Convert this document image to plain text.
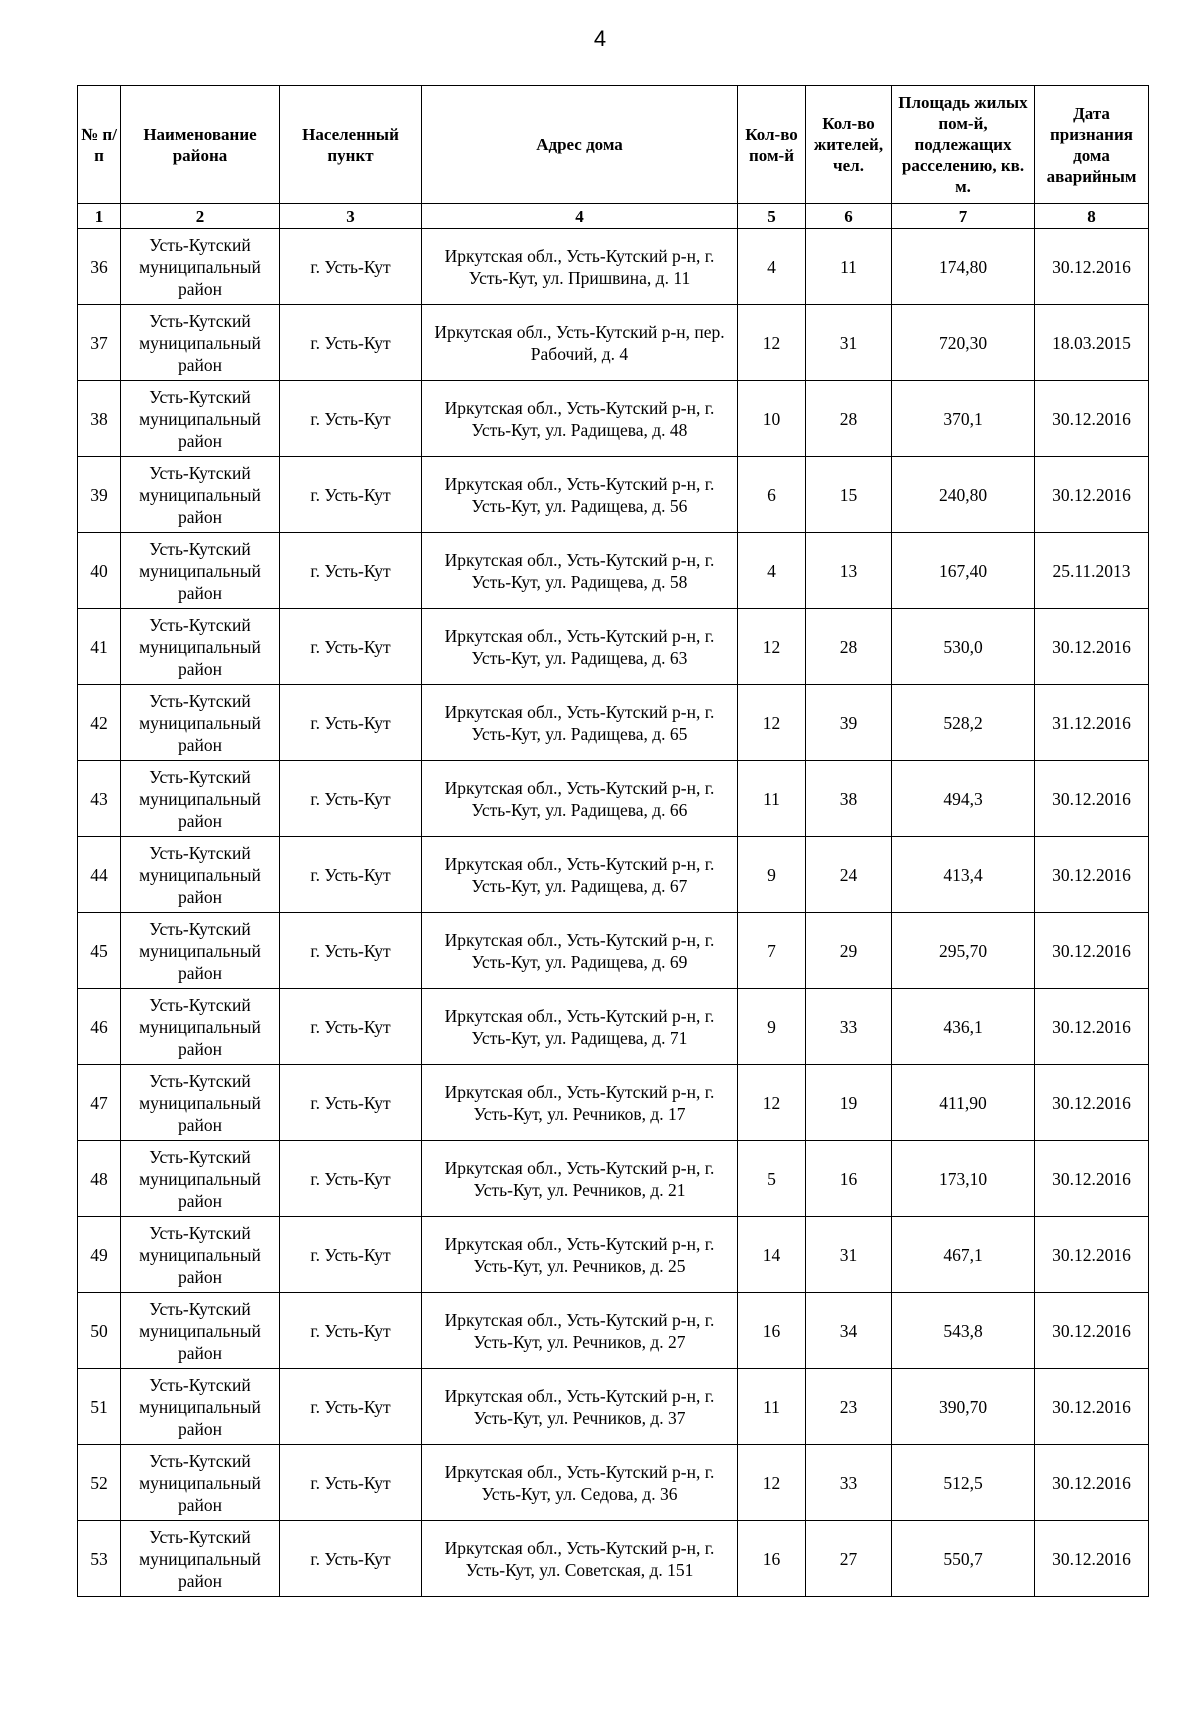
4
№ п/п	Наименование района	Населенный пункт	Адрес дома	Кол-во пом-й	Кол-во жителей, чел.	Площадь жилых пом-й, подлежащих расселению, кв. м.	Дата признания дома аварийным
1	2	3	4	5	6	7	8
36	Усть-Кутский муниципальный район	г. Усть-Кут	Иркутская обл., Усть-Кутский р-н, г. Усть-Кут, ул. Пришвина, д. 11	4	11	174,80	30.12.2016
37	Усть-Кутский муниципальный район	г. Усть-Кут	Иркутская обл., Усть-Кутский р-н, пер. Рабочий, д. 4	12	31	720,30	18.03.2015
38	Усть-Кутский муниципальный район	г. Усть-Кут	Иркутская обл., Усть-Кутский р-н, г. Усть-Кут, ул. Радищева, д. 48	10	28	370,1	30.12.2016
39	Усть-Кутский муниципальный район	г. Усть-Кут	Иркутская обл., Усть-Кутский р-н, г. Усть-Кут, ул. Радищева, д. 56	6	15	240,80	30.12.2016
40	Усть-Кутский муниципальный район	г. Усть-Кут	Иркутская обл., Усть-Кутский р-н, г. Усть-Кут, ул. Радищева, д. 58	4	13	167,40	25.11.2013
41	Усть-Кутский муниципальный район	г. Усть-Кут	Иркутская обл., Усть-Кутский р-н, г. Усть-Кут, ул. Радищева, д. 63	12	28	530,0	30.12.2016
42	Усть-Кутский муниципальный район	г. Усть-Кут	Иркутская обл., Усть-Кутский р-н, г. Усть-Кут, ул. Радищева, д. 65	12	39	528,2	31.12.2016
43	Усть-Кутский муниципальный район	г. Усть-Кут	Иркутская обл., Усть-Кутский р-н, г. Усть-Кут, ул. Радищева, д. 66	11	38	494,3	30.12.2016
44	Усть-Кутский муниципальный район	г. Усть-Кут	Иркутская обл., Усть-Кутский р-н, г. Усть-Кут, ул. Радищева, д. 67	9	24	413,4	30.12.2016
45	Усть-Кутский муниципальный район	г. Усть-Кут	Иркутская обл., Усть-Кутский р-н, г. Усть-Кут, ул. Радищева, д. 69	7	29	295,70	30.12.2016
46	Усть-Кутский муниципальный район	г. Усть-Кут	Иркутская обл., Усть-Кутский р-н, г. Усть-Кут, ул. Радищева, д. 71	9	33	436,1	30.12.2016
47	Усть-Кутский муниципальный район	г. Усть-Кут	Иркутская обл., Усть-Кутский р-н, г. Усть-Кут, ул. Речников, д. 17	12	19	411,90	30.12.2016
48	Усть-Кутский муниципальный район	г. Усть-Кут	Иркутская обл., Усть-Кутский р-н, г. Усть-Кут, ул. Речников, д. 21	5	16	173,10	30.12.2016
49	Усть-Кутский муниципальный район	г. Усть-Кут	Иркутская обл., Усть-Кутский р-н, г. Усть-Кут, ул. Речников, д. 25	14	31	467,1	30.12.2016
50	Усть-Кутский муниципальный район	г. Усть-Кут	Иркутская обл., Усть-Кутский р-н, г. Усть-Кут, ул. Речников, д. 27	16	34	543,8	30.12.2016
51	Усть-Кутский муниципальный район	г. Усть-Кут	Иркутская обл., Усть-Кутский р-н, г. Усть-Кут, ул. Речников, д. 37	11	23	390,70	30.12.2016
52	Усть-Кутский муниципальный район	г. Усть-Кут	Иркутская обл., Усть-Кутский р-н, г. Усть-Кут, ул. Седова, д. 36	12	33	512,5	30.12.2016
53	Усть-Кутский муниципальный район	г. Усть-Кут	Иркутская обл., Усть-Кутский р-н, г. Усть-Кут, ул. Советская, д. 151	16	27	550,7	30.12.2016
